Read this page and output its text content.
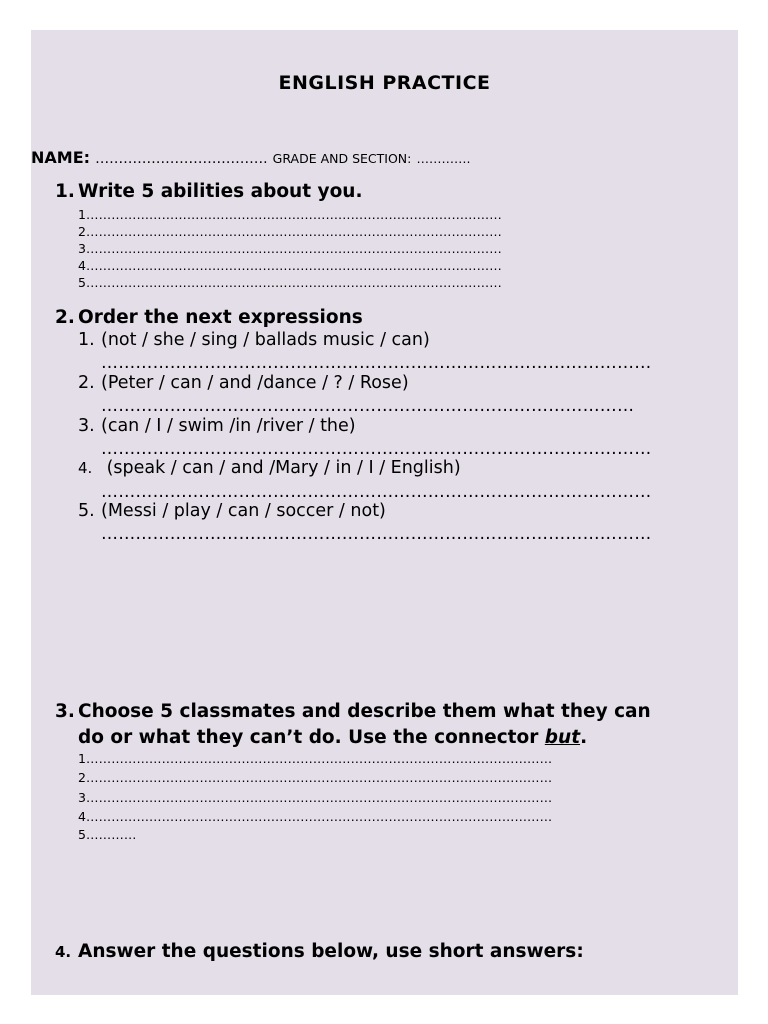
ENGLISH PRACTICE
NAME: ………………………………. GRADE AND SECTION: ………….
1. Write 5 abilities about you.
1………………………………………………………………………………………
2………………………………………………………………………………………
3………………………………………………………………………………………
4………………………………………………………………………………………
5………………………………………………………………………………………
2. Order the next expressions
1. (not / she / sing / ballads music / can)
……………………………………………………………………………………
2. (Peter / can / and /dance / ? / Rose)
…………………………………………………………………………………
3. (can / I / swim /in /river / the)
……………………………………………………………………………………
4. (speak / can / and /Mary / in / I / English)
……………………………………………………………………………………
5. (Messi / play / can / soccer / not)
……………………………………………………………………………………
3. Choose 5 classmates and describe them what they can
do or what they can’t do. Use the connector but.
1…………………………………………………………………………………………………
2…………………………………………………………………………………………………
3…………………………………………………………………………………………………
4…………………………………………………………………………………………………
5…………
4. Answer the questions below, use short answers:
